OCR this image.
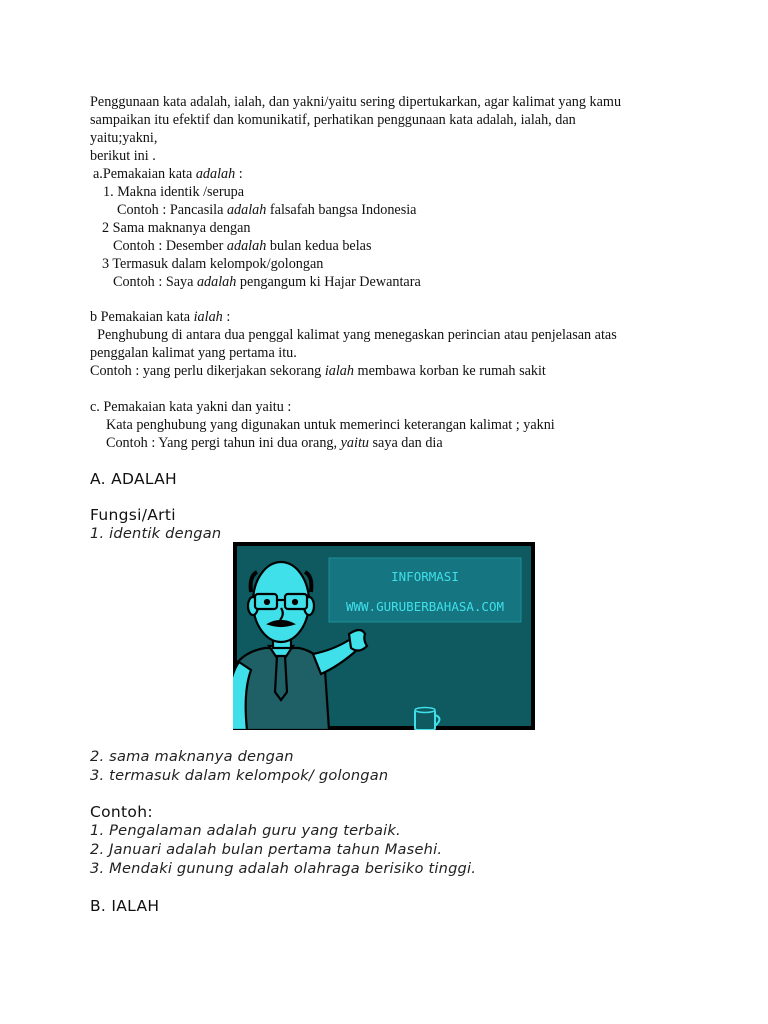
Penggunaan kata adalah, ialah, dan yakni/yaitu sering dipertukarkan, agar kalimat yang kamu
sampaikan itu efektif dan komunikatif, perhatikan penggunaan kata adalah, ialah, dan
yaitu;yakni,
berikut ini .
a.Pemakaian kata adalah :
1. Makna identik /serupa
Contoh : Pancasila adalah falsafah bangsa Indonesia
2 Sama maknanya dengan
Contoh : Desember adalah bulan kedua belas
3 Termasuk dalam kelompok/golongan
Contoh : Saya adalah pengangum ki Hajar Dewantara
b Pemakaian kata ialah :
Penghubung di antara dua penggal kalimat yang menegaskan perincian atau penjelasan atas
penggalan kalimat yang pertama itu.
Contoh : yang perlu dikerjakan sekorang ialah membawa korban ke rumah sakit
c. Pemakaian kata yakni dan yaitu :
Kata penghubung yang digunakan untuk memerinci keterangan kalimat ; yakni
Contoh : Yang pergi tahun ini dua orang, yaitu saya dan dia
A. ADALAH
Fungsi/Arti
1. identik dengan
INFORMASI
WWW.GURUBERBAHASA.COM
2. sama maknanya dengan
3. termasuk dalam kelompok/ golongan
Contoh:
1. Pengalaman adalah guru yang terbaik.
2. Januari adalah bulan pertama tahun Masehi.
3. Mendaki gunung adalah olahraga berisiko tinggi.
B. IALAH
